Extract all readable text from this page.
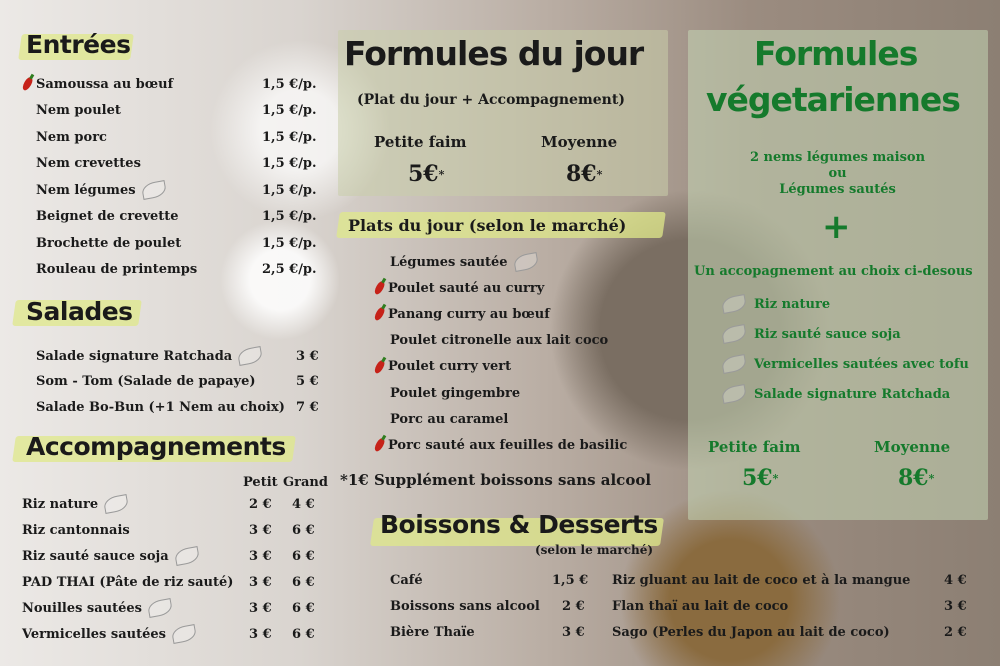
Entrées
Samoussa au bœuf	1,5 €/p.
Nem poulet	1,5 €/p.
Nem porc	1,5 €/p.
Nem crevettes	1,5 €/p.
Nem légumes	1,5 €/p.
Beignet de crevette	1,5 €/p.
Brochette de poulet	1,5 €/p.
Rouleau de printemps	2,5 €/p.
Salades
Salade signature Ratchada	3 €
Som - Tom (Salade de papaye)	5 €
Salade Bo-Bun (+1 Nem au choix) 7 €
Accompagnements
Petit Grand
Riz nature	2 € 4 €
Riz cantonnais	3 € 6 €
Riz sauté sauce soja	3 € 6 €
PAD THAI (Pâte de riz sauté) 3 € 6 €
Nouilles sautées	3 € 6 €
Vermicelles sautées	3 € 6 €
Formules du jour
(Plat du jour + Accompagnement)
Petite faim	Moyenne
5€ *	8€ *
Plats du jour (selon le marché)
Légumes sautée
Poulet sauté au curry
Panang curry au bœuf
Poulet citronelle aux lait coco
Poulet curry vert
Poulet gingembre
Porc au caramel
Porc sauté aux feuilles de basilic
*1€ Supplément boissons sans alcool
Boissons & Desserts
(selon le marché)
Café	1,5 €
Boissons sans alcool 2 €
Bière Thaïe	3 €
Riz gluant au lait de coco et à la mangue	4 €
Flan thaï au lait de coco	3 €
Sago (Perles du Japon au lait de coco)	2 €
Formules
végetariennes
2 nems légumes maison
ou
Légumes sautés
+
Un accopagnement au choix ci-desous
Riz nature
Riz sauté sauce soja
Vermicelles sautées avec tofu
Salade signature Ratchada
Petite faim	Moyenne
5€ *	8€ *
